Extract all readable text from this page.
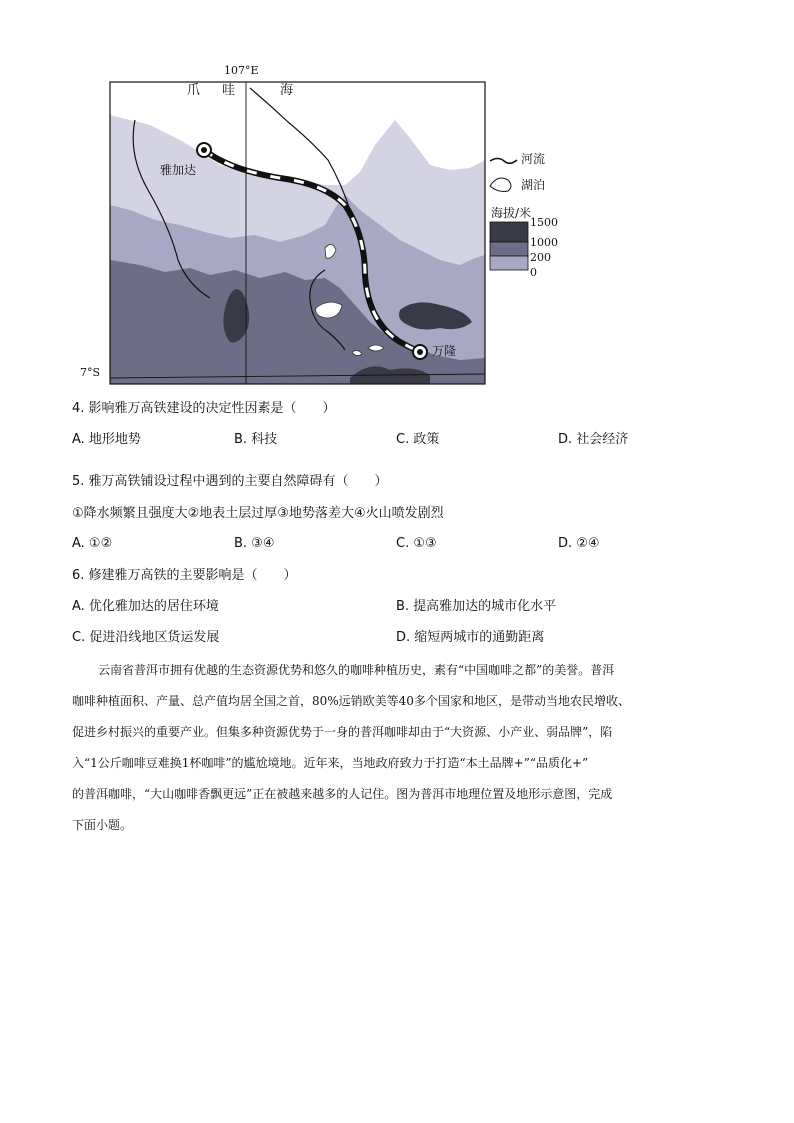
107°E
7°S
爪 哇	海
雅加达
万隆
河流
湖泊
海拔/米
1500
1000
200
0
4. 影响雅万高铁建设的决定性因素是（　　）
A. 地形地势	B. 科技	C. 政策	D. 社会经济
5. 雅万高铁铺设过程中遇到的主要自然障碍有（　　）
①降水频繁且强度大②地表土层过厚③地势落差大④火山喷发剧烈
A. ①②	B. ③④	C. ①③	D. ②④
6. 修建雅万高铁的主要影响是（　　）
A. 优化雅加达的居住环境	B. 提高雅加达的城市化水平
C. 促进沿线地区货运发展	D. 缩短两城市的通勤距离
云南省普洱市拥有优越的生态资源优势和悠久的咖啡种植历史，素有“中国咖啡之都”的美誉。普洱
咖啡种植面积、产量、总产值均居全国之首，80%远销欧美等40多个国家和地区，是带动当地农民增收、
促进乡村振兴的重要产业。但集多种资源优势于一身的普洱咖啡却由于“大资源、小产业、弱品牌”，陷
入“1公斤咖啡豆难换1杯咖啡”的尴尬境地。近年来，当地政府致力于打造“本土品牌+”“品质化+”
的普洱咖啡，“大山咖啡香飘更远”正在被越来越多的人记住。图为普洱市地理位置及地形示意图，完成
下面小题。
